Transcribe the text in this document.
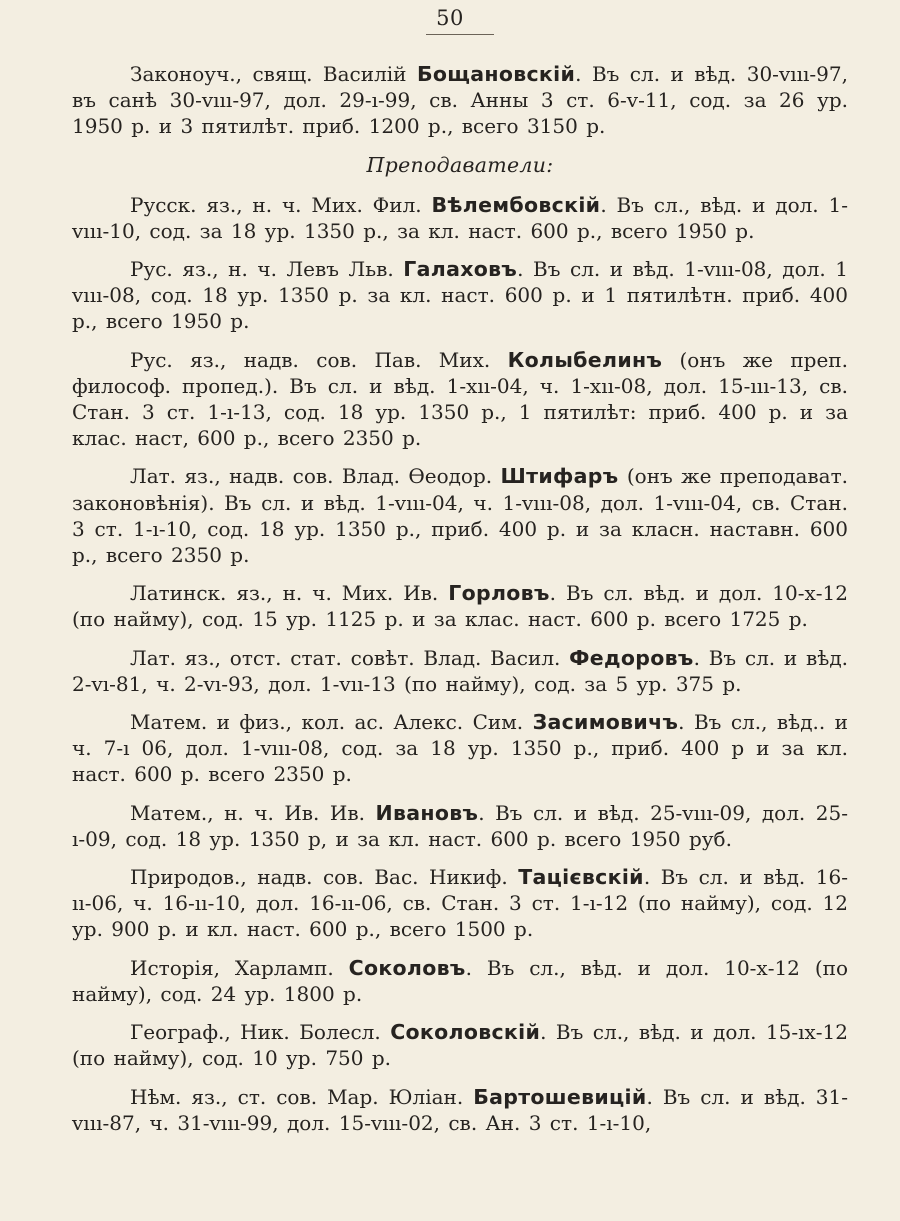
50

Законоуч., свящ. Василій Бощановскій. Въ сл. и вѣд. 30-vııı-97, въ санѣ 30-vııı-97, дол. 29-ı-99, св. Анны 3 ст. 6-v-11, сод. за 26 ур. 1950 р. и 3 пятилѣт. приб. 1200 р., всего 3150 р.

Преподаватели:

Русск. яз., н. ч. Мих. Фил. Вѣлембовскій. Въ сл., вѣд. и дол. 1-vııı-10, сод. за 18 ур. 1350 р., за кл. наст. 600 р., всего 1950 р.

Рус. яз., н. ч. Левъ Льв. Галаховъ. Въ сл. и вѣд. 1-vııı-08, дол. 1 vııı-08, сод. 18 ур. 1350 р. за кл. наст. 600 р. и 1 пятилѣтн. приб. 400 р., всего 1950 р.

Рус. яз., надв. сов. Пав. Мих. Колыбелинъ (онъ же преп. философ. пропед.). Въ сл. и вѣд. 1-хıı-04, ч. 1-хıı-08, дол. 15-ııı-13, св. Стан. 3 ст. 1-ı-13, сод. 18 ур. 1350 р., 1 пятилѣт: приб. 400 р. и за клас. наст, 600 р., всего 2350 р.

Лат. яз., надв. сов. Влад. Ѳеодор. Штифаръ (онъ же преподават. законовѣнія). Въ сл. и вѣд. 1-vııı-04, ч. 1-vııı-08, дол. 1-vııı-04, св. Стан. 3 ст. 1-ı-10, сод. 18 ур. 1350 р., приб. 400 р. и за класн. наставн. 600 р., всего 2350 р.

Латинск. яз., н. ч. Мих. Ив. Горловъ. Въ сл. вѣд. и дол. 10-х-12 (по найму), сод. 15 ур. 1125 р. и за клас. наст. 600 р. всего 1725 р.

Лат. яз., отст. стат. совѣт. Влад. Васил. Федоровъ. Въ сл. и вѣд. 2-vı-81, ч. 2-vı-93, дол. 1-vıı-13 (по найму), сод. за 5 ур. 375 р.

Матем. и физ., кол. ас. Алекс. Сим. Засимовичъ. Въ сл., вѣд.. и ч. 7-ı 06, дол. 1-vııı-08, сод. за 18 ур. 1350 р., приб. 400 р и за кл. наст. 600 р. всего 2350 р.

Матем., н. ч. Ив. Ив. Ивановъ. Въ сл. и вѣд. 25-vııı-09, дол. 25-ı-09, сод. 18 ур. 1350 р, и за кл. наст. 600 р. всего 1950 руб.

Природов., надв. сов. Вас. Никиф. Тацієвскій. Въ сл. и вѣд. 16-ıı-06, ч. 16-ıı-10, дол. 16-ıı-06, св. Стан. 3 ст. 1-ı-12 (по найму), сод. 12 ур. 900 р. и кл. наст. 600 р., всего 1500 р.

Исторія, Харламп. Соколовъ. Въ сл., вѣд. и дол. 10-х-12 (по найму), сод. 24 ур. 1800 р.

Географ., Ник. Болесл. Соколовскій. Въ сл., вѣд. и дол. 15-ıх-12 (по найму), сод. 10 ур. 750 р.

Нѣм. яз., ст. сов. Мар. Юліан. Бартошевицій. Въ сл. и вѣд. 31-vııı-87, ч. 31-vııı-99, дол. 15-vııı-02, св. Ан. 3 ст. 1-ı-10,
